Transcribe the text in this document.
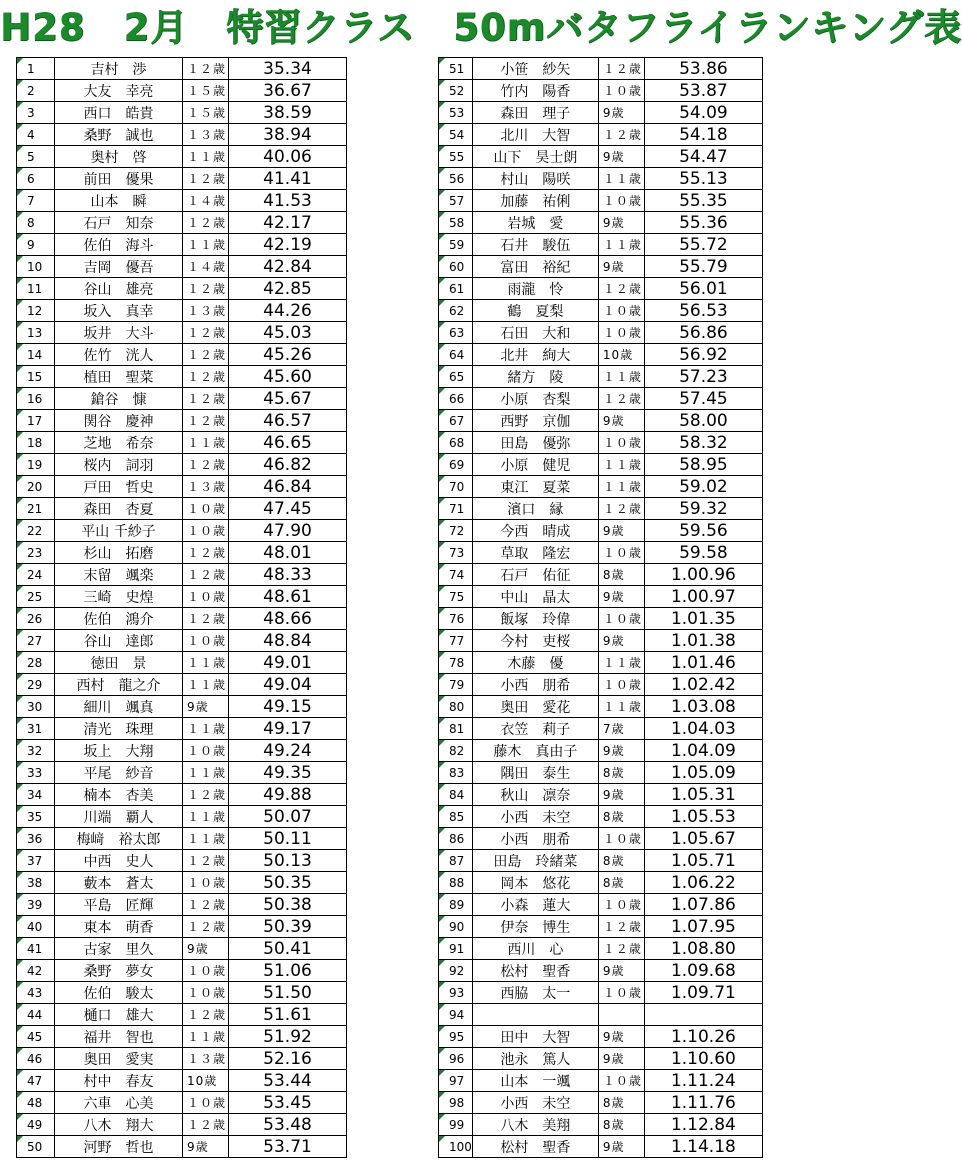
H28　2月　特習クラス　50mバタフライランキング表
1	吉村　渉	１２歳	35.34
2	大友　幸亮	１５歳	36.67
3	西口　皓貴	１５歳	38.59
4	桑野　誠也	１３歳	38.94
5	奥村　啓	１１歳	40.06
6	前田　優果	１２歳	41.41
7	山本　瞬	１４歳	41.53
8	石戸　知奈	１２歳	42.17
9	佐伯　海斗	１１歳	42.19
10	吉岡　優吾	１４歳	42.84
11	谷山　雄亮	１２歳	42.85
12	坂入　真幸	１３歳	44.26
13	坂井　大斗	１２歳	45.03
14	佐竹　洸人	１２歳	45.26
15	植田　聖菜	１２歳	45.60
16	鎗谷　慷	１２歳	45.67
17	関谷　慶神	１２歳	46.57
18	芝地　希奈	１１歳	46.65
19	桜内　詞羽	１２歳	46.82
20	戸田　哲史	１３歳	46.84
21	森田　杏夏	１０歳	47.45
22	平山 千紗子	１０歳	47.90
23	杉山　拓磨	１２歳	48.01
24	末留　颯楽	１２歳	48.33
25	三崎　史煌	１０歳	48.61
26	佐伯　鴻介	１２歳	48.66
27	谷山　達郎	１０歳	48.84
28	徳田　景	１１歳	49.01
29	西村　龍之介	１１歳	49.04
30	細川　颯真	9歳	49.15
31	清光　珠理	１１歳	49.17
32	坂上　大翔	１０歳	49.24
33	平尾　紗音	１１歳	49.35
34	楠本　杏美	１２歳	49.88
35	川端　覇人	１１歳	50.07
36	梅﨑　裕太郎	１１歳	50.11
37	中西　史人	１２歳	50.13
38	藪本　蒼太	１０歳	50.35
39	平島　匠輝	１２歳	50.38
40	東本　萌香	１２歳	50.39
41	古家　里久	9歳	50.41
42	桑野　夢女	１０歳	51.06
43	佐伯　駿太	１０歳	51.50
44	樋口　雄大	１２歳	51.61
45	福井　智也	１１歳	51.92
46	奥田　愛実	１３歳	52.16
47	村中　春友	10歳	53.44
48	六車　心美	１０歳	53.45
49	八木　翔大	１２歳	53.48
50	河野　哲也	9歳	53.71
51	小笹　紗矢	１２歳	53.86
52	竹内　陽香	１０歳	53.87
53	森田　理子	9歳	54.09
54	北川　大智	１２歳	54.18
55	山下　昊士朗	9歳	54.47
56	村山　陽咲	１１歳	55.13
57	加藤　祐俐	１０歳	55.35
58	岩城　愛	9歳	55.36
59	石井　駿伍	１１歳	55.72
60	富田　裕紀	9歳	55.79
61	雨瀧　怜	１２歳	56.01
62	鶴　夏梨	１０歳	56.53
63	石田　大和	１０歳	56.86
64	北井　絢大	10歳	56.92
65	緒方　陵	１１歳	57.23
66	小原　杏梨	１２歳	57.45
67	西野　京伽	9歳	58.00
68	田島　優弥	１０歳	58.32
69	小原　健児	１１歳	58.95
70	東江　夏菜	１１歳	59.02
71	濱口　縁	１２歳	59.32
72	今西　晴成	9歳	59.56
73	草取　隆宏	１０歳	59.58
74	石戸　佑征	8歳	1.00.96
75	中山　晶太	9歳	1.00.97
76	飯塚　玲偉	１０歳	1.01.35
77	今村　吏桜	9歳	1.01.38
78	木藤　優	１１歳	1.01.46
79	小西　朋希	１０歳	1.02.42
80	奥田　愛花	１１歳	1.03.08
81	衣笠　莉子	7歳	1.04.03
82	藤木　真由子	9歳	1.04.09
83	隅田　泰生	8歳	1.05.09
84	秋山　凛奈	9歳	1.05.31
85	小西　未空	8歳	1.05.53
86	小西　朋希	１０歳	1.05.67
87	田島　玲緒菜	8歳	1.05.71
88	岡本　悠花	8歳	1.06.22
89	小森　蓮大	１０歳	1.07.86
90	伊奈　博生	１２歳	1.07.95
91	西川　心	１２歳	1.08.80
92	松村　聖香	9歳	1.09.68
93	西脇　太一	１０歳	1.09.71
94			
95	田中　大智	9歳	1.10.26
96	池永　篤人	9歳	1.10.60
97	山本　一颯	１０歳	1.11.24
98	小西　未空	8歳	1.11.76
99	八木　美翔	8歳	1.12.84
100	松村　聖香	9歳	1.14.18
